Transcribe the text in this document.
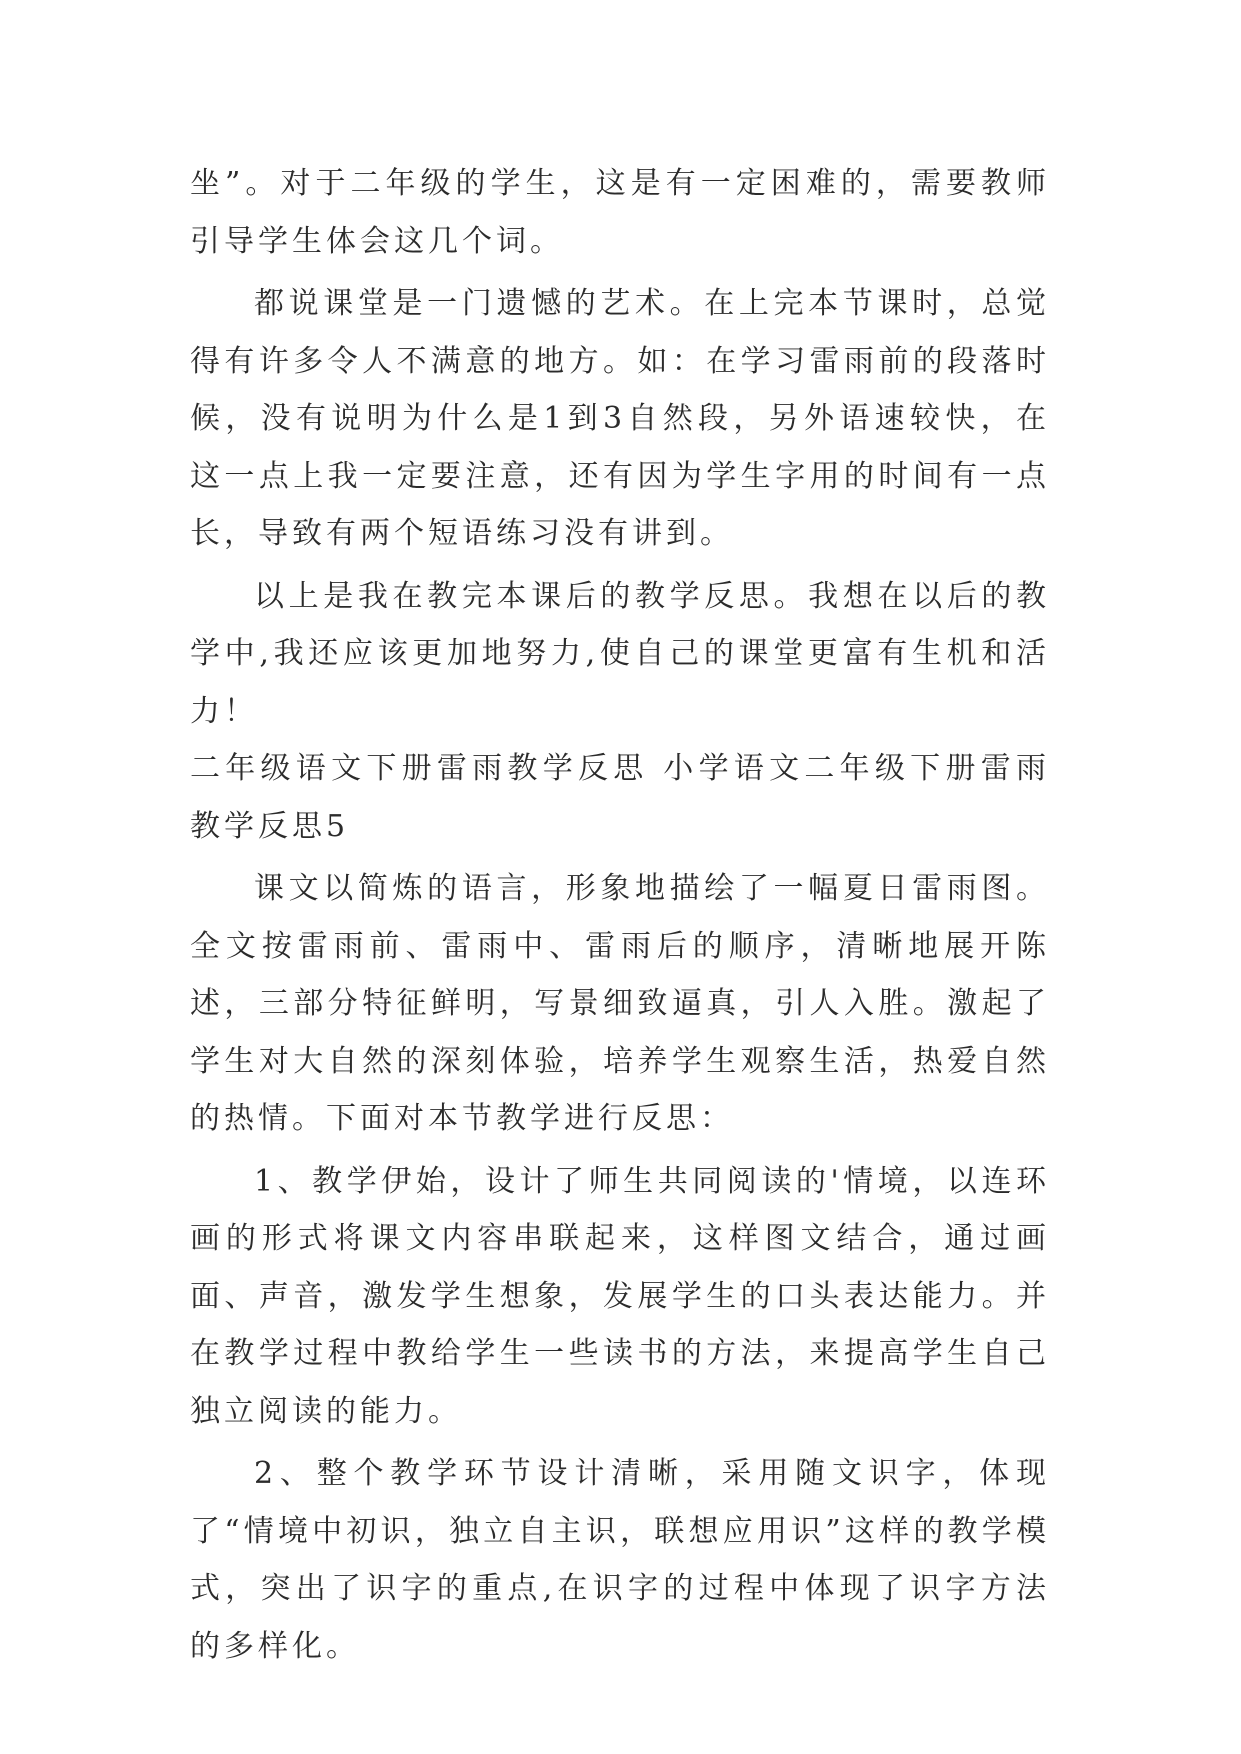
坐”。对于二年级的学生，这是有一定困难的，需要教师引导学生体会这几个词。

都说课堂是一门遗憾的艺术。在上完本节课时，总觉得有许多令人不满意的地方。如：在学习雷雨前的段落时候，没有说明为什么是1到3自然段，另外语速较快，在这一点上我一定要注意，还有因为学生字用的时间有一点长，导致有两个短语练习没有讲到。

以上是我在教完本课后的教学反思。我想在以后的教学中,我还应该更加地努力,使自己的课堂更富有生机和活力！

二年级语文下册雷雨教学反思 小学语文二年级下册雷雨教学反思5

课文以简炼的语言，形象地描绘了一幅夏日雷雨图。全文按雷雨前、雷雨中、雷雨后的顺序，清晰地展开陈述，三部分特征鲜明，写景细致逼真，引人入胜。激起了学生对大自然的深刻体验，培养学生观察生活，热爱自然的热情。下面对本节教学进行反思：

1、教学伊始，设计了师生共同阅读的'情境，以连环画的形式将课文内容串联起来，这样图文结合，通过画面、声音，激发学生想象，发展学生的口头表达能力。并在教学过程中教给学生一些读书的方法，来提高学生自己独立阅读的能力。

2、整个教学环节设计清晰，采用随文识字，体现了“情境中初识，独立自主识，联想应用识”这样的教学模式，突出了识字的重点,在识字的过程中体现了识字方法的多样化。
